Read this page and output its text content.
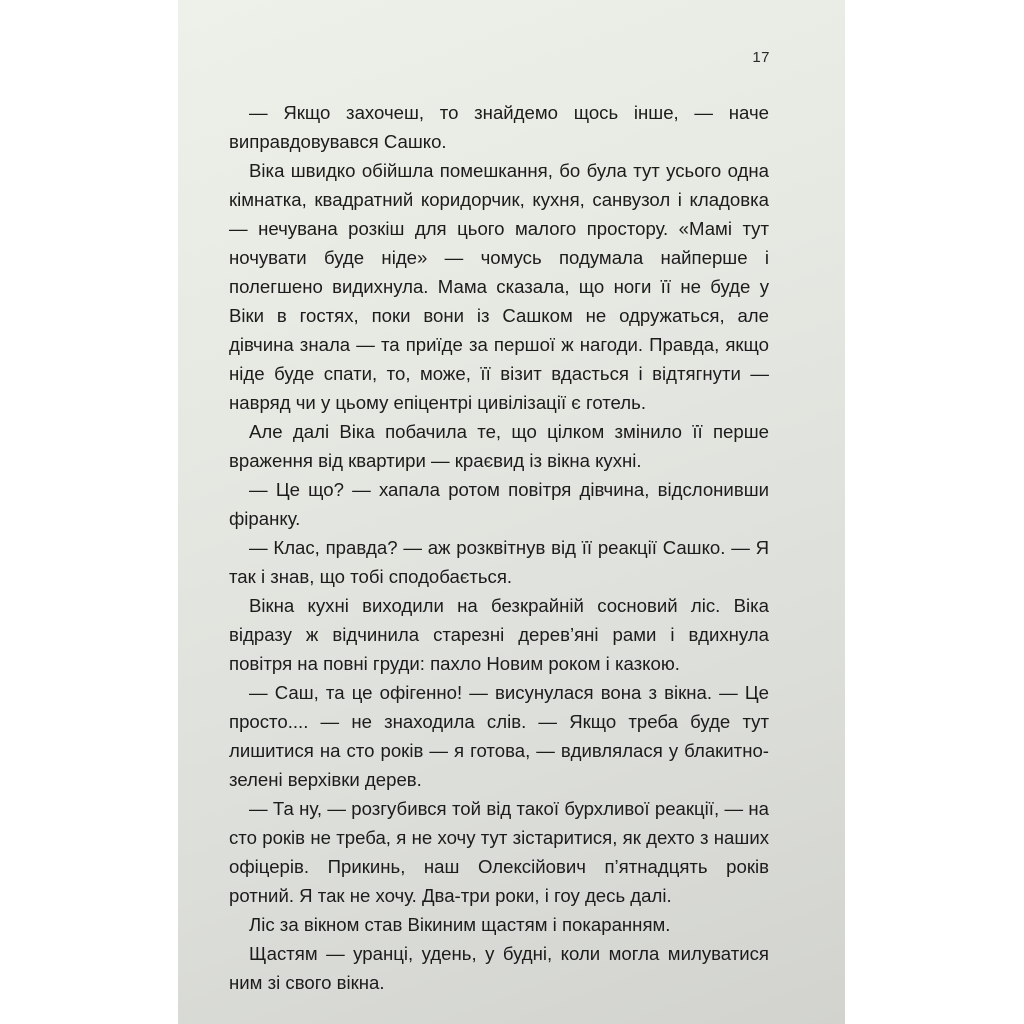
17

— Якщо захочеш, то знайдемо щось інше, — наче виправдовувався Сашко.

Віка швидко обійшла помешкання, бо була тут усього одна кімнатка, квадратний коридорчик, кухня, санвузол і кладовка — нечувана розкіш для цього малого простору. «Мамі тут ночувати буде ніде» — чомусь подумала найперше і полегшено видихнула. Мама сказала, що ноги її не буде у Віки в гостях, поки вони із Сашком не одружаться, але дівчина знала — та приїде за першої ж нагоди. Правда, якщо ніде буде спати, то, може, її візит вдасться і відтягнути — навряд чи у цьому епіцентрі цивілізації є готель.

Але далі Віка побачила те, що цілком змінило її перше враження від квартири — краєвид із вікна кухні.

— Це що? — хапала ротом повітря дівчина, відслонивши фіранку.

— Клас, правда? — аж розквітнув від її реакції Сашко. — Я так і знав, що тобі сподобається.

Вікна кухні виходили на безкрайній сосновий ліс. Віка відразу ж відчинила старезні дерев’яні рами і вдихнула повітря на повні груди: пахло Новим роком і казкою.

— Саш, та це офігенно! — висунулася вона з вікна. — Це просто.... — не знаходила слів. — Якщо треба буде тут лишитися на сто років — я готова, — вдивлялася у блакитно-зелені верхівки дерев.

— Та ну, — розгубився той від такої бурхливої реакції, — на сто років не треба, я не хочу тут зістаритися, як дехто з наших офіцерів. Прикинь, наш Олексійович п’ятнадцять років ротний. Я так не хочу. Два-три роки, і гоу десь далі.

Ліс за вікном став Вікиним щастям і покаранням.

Щастям — уранці, удень, у будні, коли могла милуватися ним зі свого вікна.
